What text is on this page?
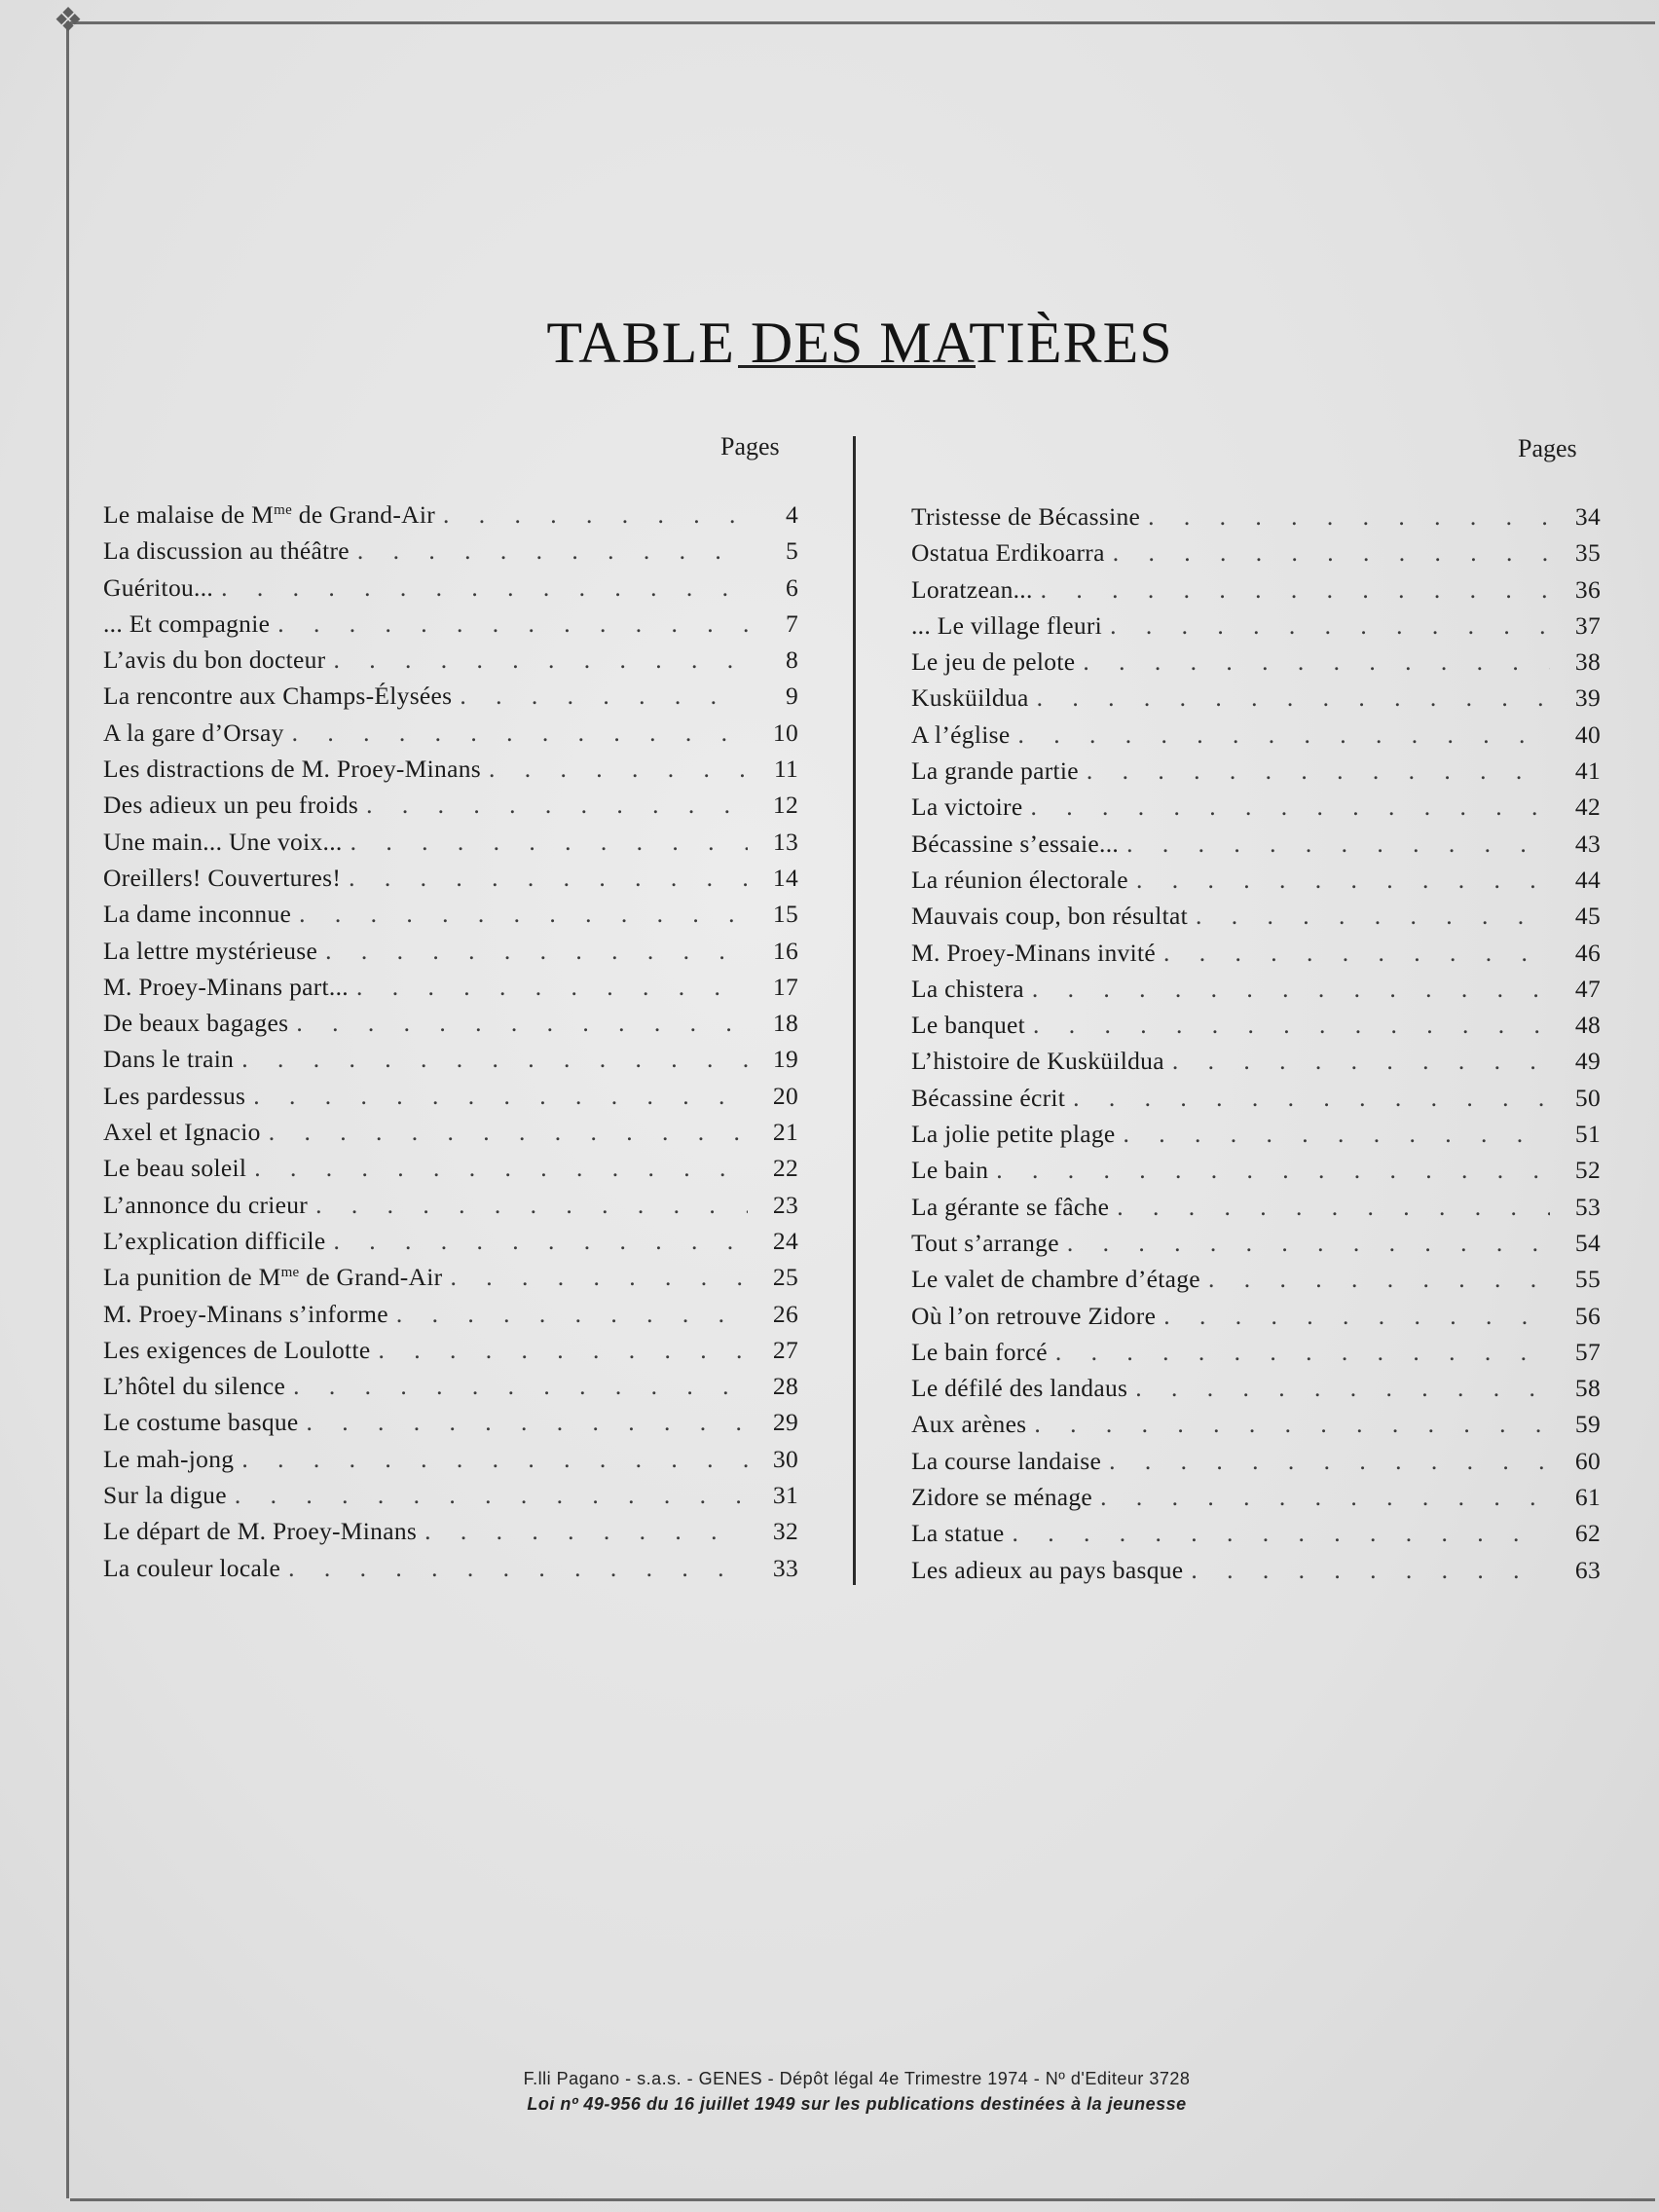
❖
TABLE DES MATIÈRES
Pages	Pages
Le malaise de $M^{me}$ de Grand-Air . . .	4
La discussion au théâtre . . .	5
Guéritou... . . .	6
... Et compagnie . . .	7
L’avis du bon docteur . . .	8
La rencontre aux Champs-Élysées . . .	9
A la gare d’Orsay . . .	10
Les distractions de M. Proey-Minans . . .	11
Des adieux un peu froids . . .	12
Une main... Une voix... . . .	13
Oreillers! Couvertures! . . .	14
La dame inconnue . . .	15
La lettre mystérieuse . . .	16
M. Proey-Minans part... . . .	17
De beaux bagages . . .	18
Dans le train . . .	19
Les pardessus . . .	20
Axel et Ignacio . . .	21
Le beau soleil . . .	22
L’annonce du crieur . . .	23
L’explication difficile . . .	24
La punition de $M^{me}$ de Grand-Air . . .	25
M. Proey-Minans s’informe . . .	26
Les exigences de Loulotte . . .	27
L’hôtel du silence . . .	28
Le costume basque . . .	29
Le mah-jong . . .	30
Sur la digue . . .	31
Le départ de M. Proey-Minans . . .	32
La couleur locale . . .	33
Tristesse de Bécassine . . .	34
Ostatua Erdikoarra . . .	35
Loratzean... . . .	36
... Le village fleuri . . .	37
Le jeu de pelote . . .	38
Kusküildua . . .	39
A l’église . . .	40
La grande partie . . .	41
La victoire . . .	42
Bécassine s’essaie... . . .	43
La réunion électorale . . .	44
Mauvais coup, bon résultat . . .	45
M. Proey-Minans invité . . .	46
La chistera . . .	47
Le banquet . . .	48
L’histoire de Kusküildua . . .	49
Bécassine écrit . . .	50
La jolie petite plage . . .	51
Le bain . . .	52
La gérante se fâche . . .	53
Tout s’arrange . . .	54
Le valet de chambre d’étage . . .	55
Où l’on retrouve Zidore . . .	56
Le bain forcé . . .	57
Le défilé des landaus . . .	58
Aux arènes . . .	59
La course landaise . . .	60
Zidore se ménage . . .	61
La statue . . .	62
Les adieux au pays basque . . .	63
F.lli Pagano - s.a.s. - GENES - Dépôt légal 4e Trimestre 1974 - Nº d'Editeur 3728
Loi nº 49-956 du 16 juillet 1949 sur les publications destinées à la jeunesse
